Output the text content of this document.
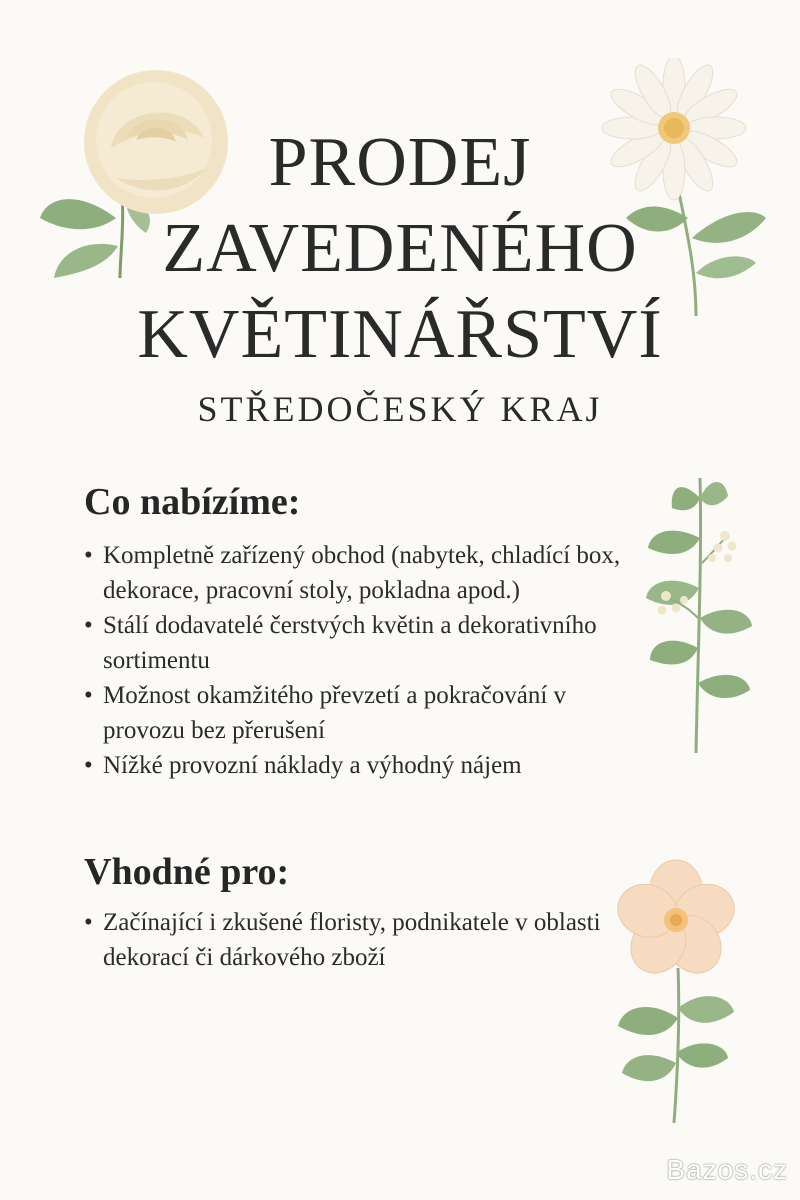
PRODEJ
ZAVEDENÉHO
KVĚTINÁŘSTVÍ
STŘEDOČESKÝ KRAJ
Co nabízíme:
• Kompletně zařízený obchod (nabytek, chladící box, dekorace, pracovní stoly, pokladna apod.)
• Stálí dodavatelé čerstvých květin a dekorativního sortimentu
• Možnost okamžitého převzetí a pokračování v provozu bez přerušení
• Nížké provozní náklady a výhodný nájem
Vhodné pro:
• Začínající i zkušené floristy, podnikatele v oblasti dekorací či dárkového zboží
Bazos.cz
